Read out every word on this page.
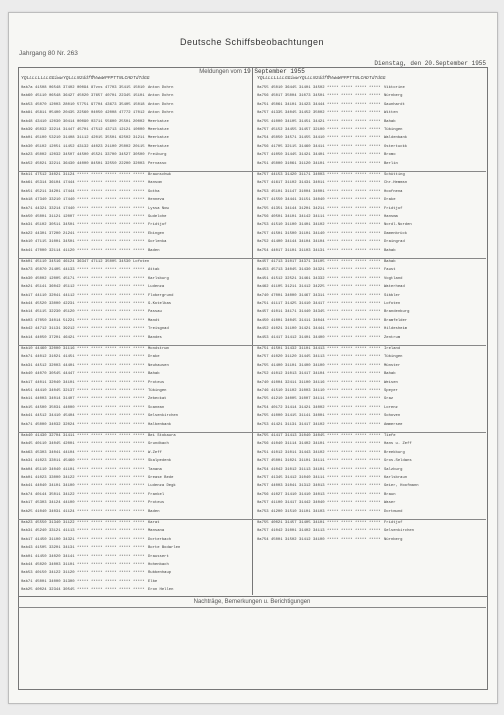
Jahrgang 80 Nr. 263
Deutsche Schiffsbeobachtungen
Dienstag, den 20.September 1955
Meldungen vom 19.September 1955
YQLLL LLLLL GGiww YQLLL N2ddff
VVwwW PPPTT NLCHD TdTdGG	YQLLL LLLLL GGiww YQLLL N2ddff
VVwwW PPPTT NLCHD TdTdGG
0ab7a 41508 06548 37402 00094 87vvs 47703 35415 15010 Anton Dohrn
0ab60 45110 06548 36427 45020 37657 40701 22345 15101 Anton Dohrn
0ab53 45070 12003 28010 57751 97704 43673 35405 15018 Anton Dohrn
0ab81 45811 05400 20435 22560 04050 42008 47772 17012 Anton Dohrn
0ab48 43410 12030 30414 00090 03711 55600 25501 20002 Meerkatze
0ab39 45032 32214 31447 45701 47512 43713 12121 10000 Meerkatze
0ab01 45100 53210 31408 31112 42015 35501 62502 31211 Meerkatze
0ab30 45102 12051 11452 43132 44023 21100 25002 20115 Meerkatze
0ab23 45002 12032 34507 44500 45521 33700 34527 30500 Freiburg
0ab52 45021 32211 36430 44000 84501 32550 22200 32003 Pervasso
0ab11 47512 34021 31124 ***** ***** ***** ***** ***** Braunschwk
0ab61 45314 36104 17444 ***** ***** ***** ***** ***** Hansom
0ab51 45211 34201 17444 ***** ***** ***** ***** ***** Gotha
0ab18 47340 33210 17440 ***** ***** ***** ***** ***** Henneva
0ab71 44321 33214 17440 ***** ***** ***** ***** ***** Lyssa Now
0ab50 45001 31121 12007 ***** ***** ***** ***** ***** Gudelohe
0ab31 45102 30511 34501 ***** ***** ***** ***** ***** Fridtjof
0ab22 44301 37200 21241 ***** ***** ***** ***** ***** Ebingen
0ab10 47115 31001 34501 ***** ***** ***** ***** ***** Gorlenka
0ab41 47000 32114 41120 ***** ***** ***** ***** ***** Baden
0ab01 45110 34516 46124 36347 47112 35005 34530 Lofoten
0ab73 45070 21405 44133 ***** ***** ***** ***** ***** Attak
0ab30 45002 12005 45171 ***** ***** ***** ***** ***** Karlsburg
0ab21 45141 36042 45112 ***** ***** ***** ***** ***** Ludenza
0ab17 44110 32041 44112 ***** ***** ***** ***** ***** Flobergrund
0ab44 45520 33000 42231 ***** ***** ***** ***** ***** G.Kotelbas
0ab14 45115 32230 45120 ***** ***** ***** ***** ***** Passau
0ab03 47050 34014 51221 ***** ***** ***** ***** ***** Mandt
0ab42 44712 31131 39212 ***** ***** ***** ***** ***** Treisgnad
0ab14 44050 37201 46421 ***** ***** ***** ***** ***** Bandes
0ab10 44460 32000 31116 ***** ***** ***** ***** ***** Mondstrum
0ab71 44012 31021 41451 ***** ***** ***** ***** ***** Drake
0ab31 44512 32003 44401 ***** ***** ***** ***** ***** Neuhausen
0ab40 44070 30545 44447 ***** ***** ***** ***** ***** Bahab
0ab17 44011 32040 34101 ***** ***** ***** ***** ***** Proteus
0ab51 44410 34045 32137 ***** ***** ***** ***** ***** Tübingen
0ab11 44003 34014 31407 ***** ***** ***** ***** ***** Zebeckat
0ab15 44500 35031 44000 ***** ***** ***** ***** ***** Scanean
0ab41 44512 34410 45404 ***** ***** ***** ***** ***** Gelsenkirchen
0ab71 45000 34032 32024 ***** ***** ***** ***** ***** Halbenbank
0ab40 41430 32704 31411 ***** ***** ***** ***** ***** Bei Stobaura
0ab45 40110 34045 42001 ***** ***** ***** ***** ***** Grundbach
0ab63 45303 34041 44104 ***** ***** ***** ***** ***** W.Zeff
0ab31 41023 33011 45460 ***** ***** ***** ***** ***** Skalpedenk
0ab04 45110 34040 41101 ***** ***** ***** ***** ***** Tanana
0ab01 41023 33000 34122 ***** ***** ***** ***** ***** Grease Bede
0ab41 44040 34101 34100 ***** ***** ***** ***** ***** Ludenza Degk
0ab74 40144 35011 34122 ***** ***** ***** ***** ***** Frankel
0ab17 45303 34124 44100 ***** ***** ***** ***** ***** Proteus
0ab25 41040 34031 41124 ***** ***** ***** ***** ***** Baden
0ab23 45550 31340 31122 ***** ***** ***** ***** ***** Karat
0ab31 45240 33121 41113 ***** ***** ***** ***** ***** Mansana
0ab17 41450 31100 34321 ***** ***** ***** ***** ***** Dorterbach
0ab43 41505 33201 34131 ***** ***** ***** ***** ***** Borte Bodarlen
0ab01 41450 34020 34141 ***** ***** ***** ***** ***** Draussert
0ab44 45020 34003 31101 ***** ***** ***** ***** ***** Hohenbach
0ab53 40150 34122 31120 ***** ***** ***** ***** ***** Rubbenhaup
0ab71 45001 34000 31300 ***** ***** ***** ***** ***** Elbe
0ab25 40024 32344 30545 ***** ***** ***** ***** ***** Eron Hellen
0a755 45010 36445 31401 34502 ***** ***** ***** ***** Viktorine
0a756 45017 35004 31073 34501 ***** ***** ***** ***** Nürnberg
0a751 45061 34101 31423 34444 ***** ***** ***** ***** Gaunhardt
0a757 41335 34045 31452 35002 ***** ***** ***** ***** Witten
0a755 41000 34105 31451 34421 ***** ***** ***** ***** Bahab
0a757 45152 34455 31457 32100 ***** ***** ***** ***** Tübingen
0a754 45050 34571 31455 34410 ***** ***** ***** ***** Waldenbank
0a756 41705 32115 31460 34411 ***** ***** ***** ***** Ostertuckk
0a757 41050 31445 31421 34401 ***** ***** ***** ***** Bromo
0a751 45000 31061 31120 34101 ***** ***** ***** ***** Berlin
0a757 44153 31420 31171 34003 ***** ***** ***** ***** Schütting
0a757 41617 31102 31431 34011 ***** ***** ***** ***** Chr.Hemmsn
0a753 45101 31147 31004 34001 ***** ***** ***** ***** Hoofnena
0a757 41550 34441 31151 34040 ***** ***** ***** ***** Drake
0a755 41351 34144 31201 34211 ***** ***** ***** ***** Fridtjof
0a756 40501 34101 34142 34111 ***** ***** ***** ***** Hansma
0a753 41510 31100 31401 34102 ***** ***** ***** ***** Nordl.Norden
0a757 41501 31500 31101 34140 ***** ***** ***** ***** Damenbrück
0a752 41400 34144 34104 34104 ***** ***** ***** ***** Draingrad
0a754 44017 31101 31103 34131 ***** ***** ***** ***** Bahab
0a457 41713 31017 34371 34105 ***** ***** ***** ***** Bahab
0a453 45713 34045 31430 34321 ***** ***** ***** ***** Faust
0a451 41512 32521 31461 34332 ***** ***** ***** ***** Vogtland
0a462 41105 31211 31412 34225 ***** ***** ***** ***** Waterhead
0a740 47001 34000 31467 34311 ***** ***** ***** ***** Sibbler
0a751 41117 31425 31410 34417 ***** ***** ***** ***** Lofoten
0a457 41011 34171 31440 34345 ***** ***** ***** ***** Brandenburg
0a450 41001 34045 31411 34044 ***** ***** ***** ***** Bramfelder
0a452 41021 31100 31421 34441 ***** ***** ***** ***** Hildesheim
0a453 41417 31412 31401 34400 ***** ***** ***** ***** Zentrum
0a751 41501 31432 31101 34413 ***** ***** ***** ***** Ireland
0a757 41020 31120 31445 34113 ***** ***** ***** ***** Tübingen
0a755 41400 31101 31400 34100 ***** ***** ***** ***** Münster
0a752 41012 31013 31417 34104 ***** ***** ***** ***** Bahab
0a740 41004 32411 31100 34116 ***** ***** ***** ***** Weisen
0a746 41510 31102 31003 34110 ***** ***** ***** ***** Speyer
0a755 41210 34005 31007 34111 ***** ***** ***** ***** Graz
0a754 40172 31414 31421 34002 ***** ***** ***** ***** Lorenz
0a755 41000 31415 31141 34001 ***** ***** ***** ***** Sohoven
0a753 41421 31131 31417 34102 ***** ***** ***** ***** Ammersee
0a755 41417 31413 31040 34045 ***** ***** ***** ***** Tiefe
0a756 41040 31114 31402 34101 ***** ***** ***** ***** Hans u. Zeff
0a751 41012 31011 31443 34102 ***** ***** ***** ***** Breekburg
0a757 45001 31021 31101 34111 ***** ***** ***** ***** Gros.Seldans
0a754 41042 31012 31113 34101 ***** ***** ***** ***** Salzburg
0a757 41345 31412 31040 34111 ***** ***** ***** ***** Karlsbraun
0a757 44003 31041 31312 34013 ***** ***** ***** ***** Geier, Hoofmann
0a756 41027 31410 31410 34013 ***** ***** ***** ***** Braun
0a757 41100 31417 31442 34040 ***** ***** ***** ***** Waser
0a753 41200 31510 31101 34103 ***** ***** ***** ***** Dortmund
0a755 40021 31457 31405 34101 ***** ***** ***** ***** Fridtjof
0a757 41042 31001 31402 34113 ***** ***** ***** ***** Gelsenkirchen
0a754 45001 31502 31412 34100 ***** ***** ***** ***** Nürnberg
Nachträge, Bemerkungen u. Berichtigungen
